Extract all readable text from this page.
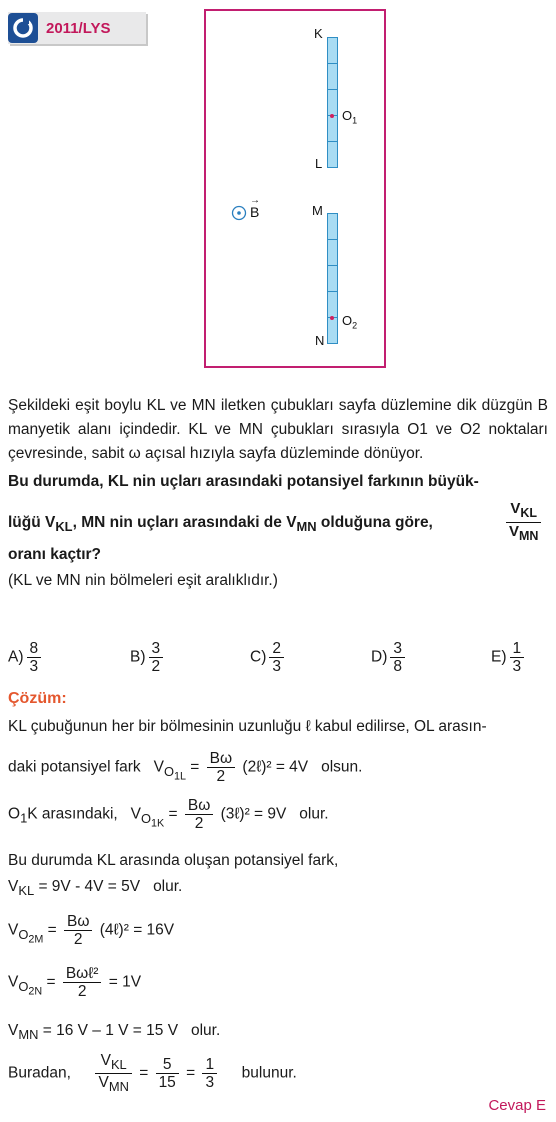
2011/LYS	K
L
$O_1$
M
N
$O_2$
→
B
Şekildeki eşit boylu KL ve MN iletken çubukları sayfa düzlemine dik düzgün B manyetik alanı içindedir. KL ve MN çubukları sırasıyla O1 ve O2 noktaları çevresinde, sabit ω açısal hızıyla sayfa düzleminde dönüyor.
Bu durumda, KL nin uçları arasındaki potansiyel farkının büyük-
lüğü $V_{KL}$, MN nin uçları arasındaki de $V_{MN}$ olduğuna göre,	$\frac{V_{KL}}{V_{MN}}$
oranı kaçtır?
(KL ve MN nin bölmeleri eşit aralıklıdır.)
$A) \frac{8}{3}$	$B) \frac{3}{2}$	$C) \frac{2}{3}$	$D) \frac{3}{8}$	$E) \frac{1}{3}$
Çözüm:
KL çubuğunun her bir bölmesinin uzunluğu ℓ kabul edilirse, OL arasın-
daki potansiyel fark $V_{O_{1L}} = \frac{B\omega}{2}$ (2ℓ)² = 4V olsun.
$O_1K$ arasındaki, $V_{O_{1K}} = \frac{B\omega}{2}$ (3ℓ)² = 9V olur.
Bu durumda KL arasında oluşan potansiyel fark,
$V_{KL} = 9V - 4V = 5V$ olur.
$V_{O_{2M}} = \frac{B\omega}{2}$ (4ℓ)² = 16V
$V_{O_{2N}} = \frac{\text{Bωℓ²}}{2} = 1V$
$V_{MN} = 16$ V – 1 V = 15 V olur.
Buradan, $\frac{V_{KL}}{V_{MN}} = \frac{5}{15} = \frac{1}{3}$ bulunur.
Cevap E
